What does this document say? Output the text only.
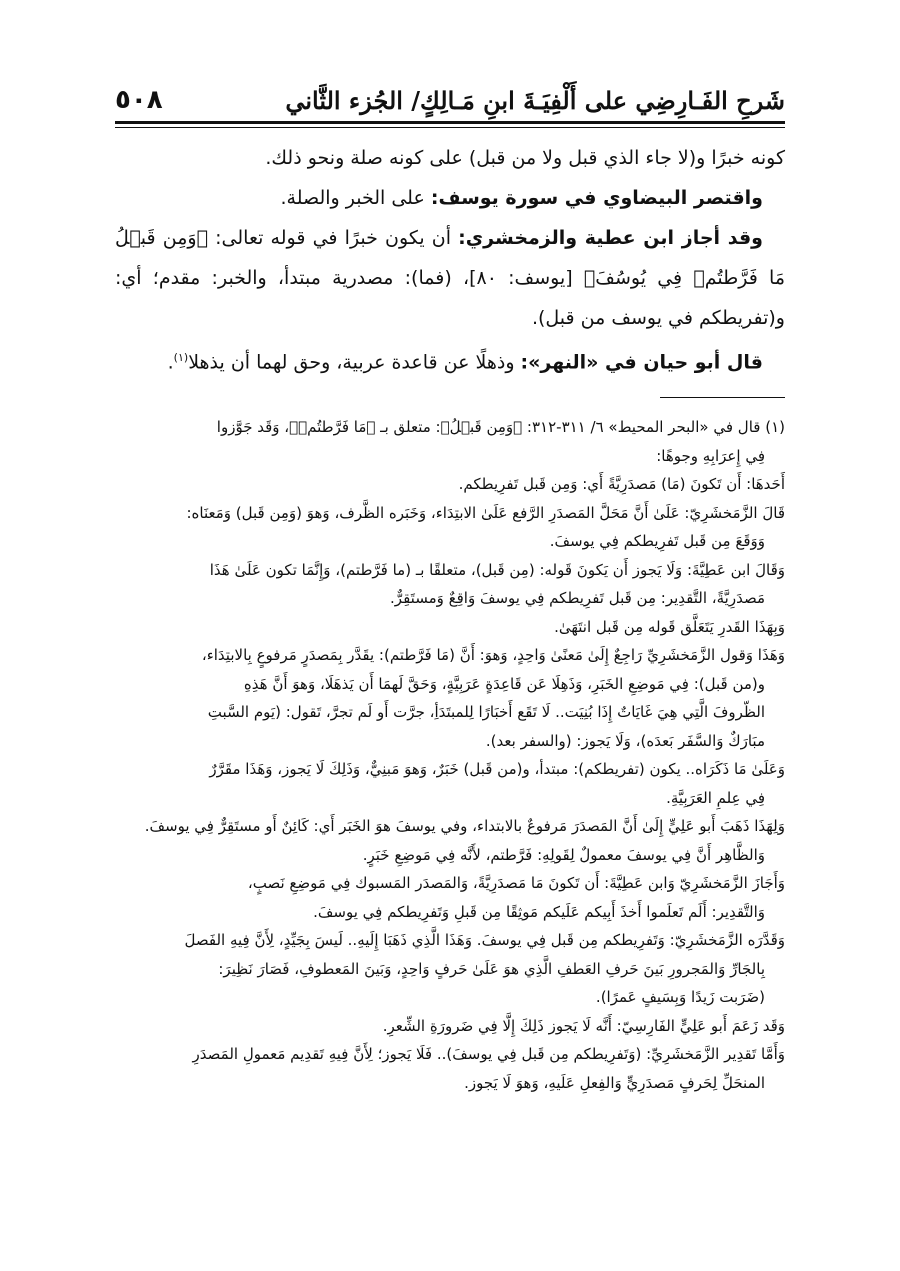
شَرحِ الفَـارِضِي على أَلْفِيَـةَ ابنِ مَـالِكٍ/ الجُزء الثَّاني
٥٠٨

كونه خبرًا و(لا جاء الذي قبل ولا من قبل) على كونه صلة ونحو ذلك.

واقتصر البيضاوي في سورة يوسف: على الخبر والصلة.

وقد أجاز ابن عطية والزمخشري: أن يكون خبرًا في قوله تعالى: ﴿وَمِن قَبۡلُ مَا فَرَّطتُمۡ فِي يُوسُفَ﴾ [يوسف: ٨٠]، (فما): مصدرية مبتدأ، والخبر: مقدم؛ أي: و(تفريطكم في يوسف من قبل).

قال أبو حيان في «النهر»: وذهلًا عن قاعدة عربية، وحق لهما أن يذهلا$^{(١)}$.

(١) قال في «البحر المحيط» ٦/ ٣١١-٣١٢: ﴿وَمِن قَبۡلُ﴾: متعلق بـ ﴿مَا فَرَّطتُمۡ﴾، وَقَد جَوَّزوا

فِي إِعرَابِهِ وجوهًا:

أَحَدهَا: أَن تَكونَ (مَا) مَصدَرِيَّةً أَي: وَمِن قَبل تَفرِيطكم.

قَالَ الزَّمَخشَرِيّ: عَلَىٰ أَنَّ مَحَلَّ المَصدَرِ الرَّفع عَلَىٰ الابتِدَاء، وَخَبَره الظَّرف، وَهوَ (وَمِن قَبل) وَمَعنَاه:

وَوَقَعَ مِن قَبل تَفرِيطكم فِي يوسفَ.

وَقَالَ ابن عَطِيَّةَ: وَلَا يَجوز أَن يَكونَ قَوله: (مِن قَبل)، متعلقًا بـ (ما فَرَّطتم)، وَإِنَّمَا تكون عَلَىٰ هَذَا

مَصدَرِيَّةً، التَّقدِير: مِن قَبل تَفرِيطكم فِي يوسفَ وَاقِعٌ وَمستَقِرٌّ.

وَبِهَذَا القَدرِ يَتَعَلَّق قَوله مِن قَبل انتَهَىٰ.

وَهَذَا وَقول الزَّمَخشَرِيِّ رَاجِعٌ إِلَىٰ مَعنًىٰ وَاحِدٍ، وَهوَ: أَنَّ (مَا فَرَّطتم): يقَدَّر بِمَصدَرٍ مَرفوعٍ بِالابتِدَاء،

و(من قَبل): فِي مَوضِعِ الخَبَرِ، وَذَهِلَا عَن قَاعِدَةٍ عَرَبِيَّةٍ، وَحَقَّ لَهمَا أَن يَذهَلَا، وَهوَ أَنَّ هَذِهِ

الظّروفَ الَّتِي هِيَ غَايَاتٌ إِذَا بُنِيَت.. لَا تَقَع أَخبَارًا لِلمبتَدَأِ، جرَّت أَو لَم تجرَّ، تَقول: (يَوم السَّبتِ

مبَارَكٌ وَالسَّفَر بَعدَه)، وَلَا يَجوز: (والسفر بعد).

وَعَلَىٰ مَا ذَكَرَاه.. يكون (تفريطكم): مبتدأ، و(من قَبل) خَبَرٌ، وَهوَ مَبنِيٌّ، وَذَلِكَ لَا يَجوز، وَهَذَا مقَرَّرٌ

فِي عِلمِ العَرَبِيَّةِ.

وَلِهَذَا ذَهَبَ أَبو عَلِيٍّ إِلَىٰ أَنَّ المَصدَرَ مَرفوعٌ بالابتداء، وفي يوسفَ هوَ الخَبَر أَي: كَائِنٌ أَو مستَقِرٌّ فِي يوسفَ.

وَالظَّاهِر أَنَّ فِي يوسفَ معمولٌ لِقَولِهِ: فَرَّطتم، لأَنَّه فِي مَوضِعِ خَبَرٍ.

وَأَجَازَ الزَّمَخشَرِيّ وَابن عَطِيَّةَ: أَن تَكونَ مَا مَصدَرِيَّةً، وَالمَصدَر المَسبوك فِي مَوضِعِ نَصبٍ،

وَالتَّقدِير: أَلَم تَعلَموا أَخذَ أَبِيكم عَلَيكم مَوثِقًا مِن قَبلِ وَتَفرِيطكم فِي يوسفَ.

وَقَدَّرَه الزَّمَخشَرِيّ: وَتَفرِيطكم مِن قَبل فِي يوسفَ. وَهَذَا الَّذِي ذَهَبَا إِلَيهِ.. لَيسَ بِجَيِّدٍ، لِأَنَّ فِيهِ الفَصلَ

بِالجَارِّ وَالمَجرورِ بَينَ حَرفِ العَطفِ الَّذِي هوَ عَلَىٰ حَرفٍ وَاحِدٍ، وَبَينَ المَعطوفِ، فَصَارَ نَظِيرَ:

(ضَرَبت زَيدًا وَبِسَيفٍ عَمرًا).

وَقَد زَعَمَ أَبو عَلِيٍّ الفَارِسِيّ: أَنَّه لَا يَجوز ذَلِكَ إِلَّا فِي ضَرورَةِ الشِّعرِ.

وَأَمَّا تَقدِير الزَّمَخشَرِيِّ: (وَتَفرِيطكم مِن قَبل فِي يوسفَ).. فَلَا يَجوز؛ لِأَنَّ فِيهِ تَقدِيم مَعمولِ المَصدَرِ

المنحَلِّ لِحَرفٍ مَصدَرِيٍّ وَالفِعلِ عَلَيهِ، وَهوَ لَا يَجوز.
